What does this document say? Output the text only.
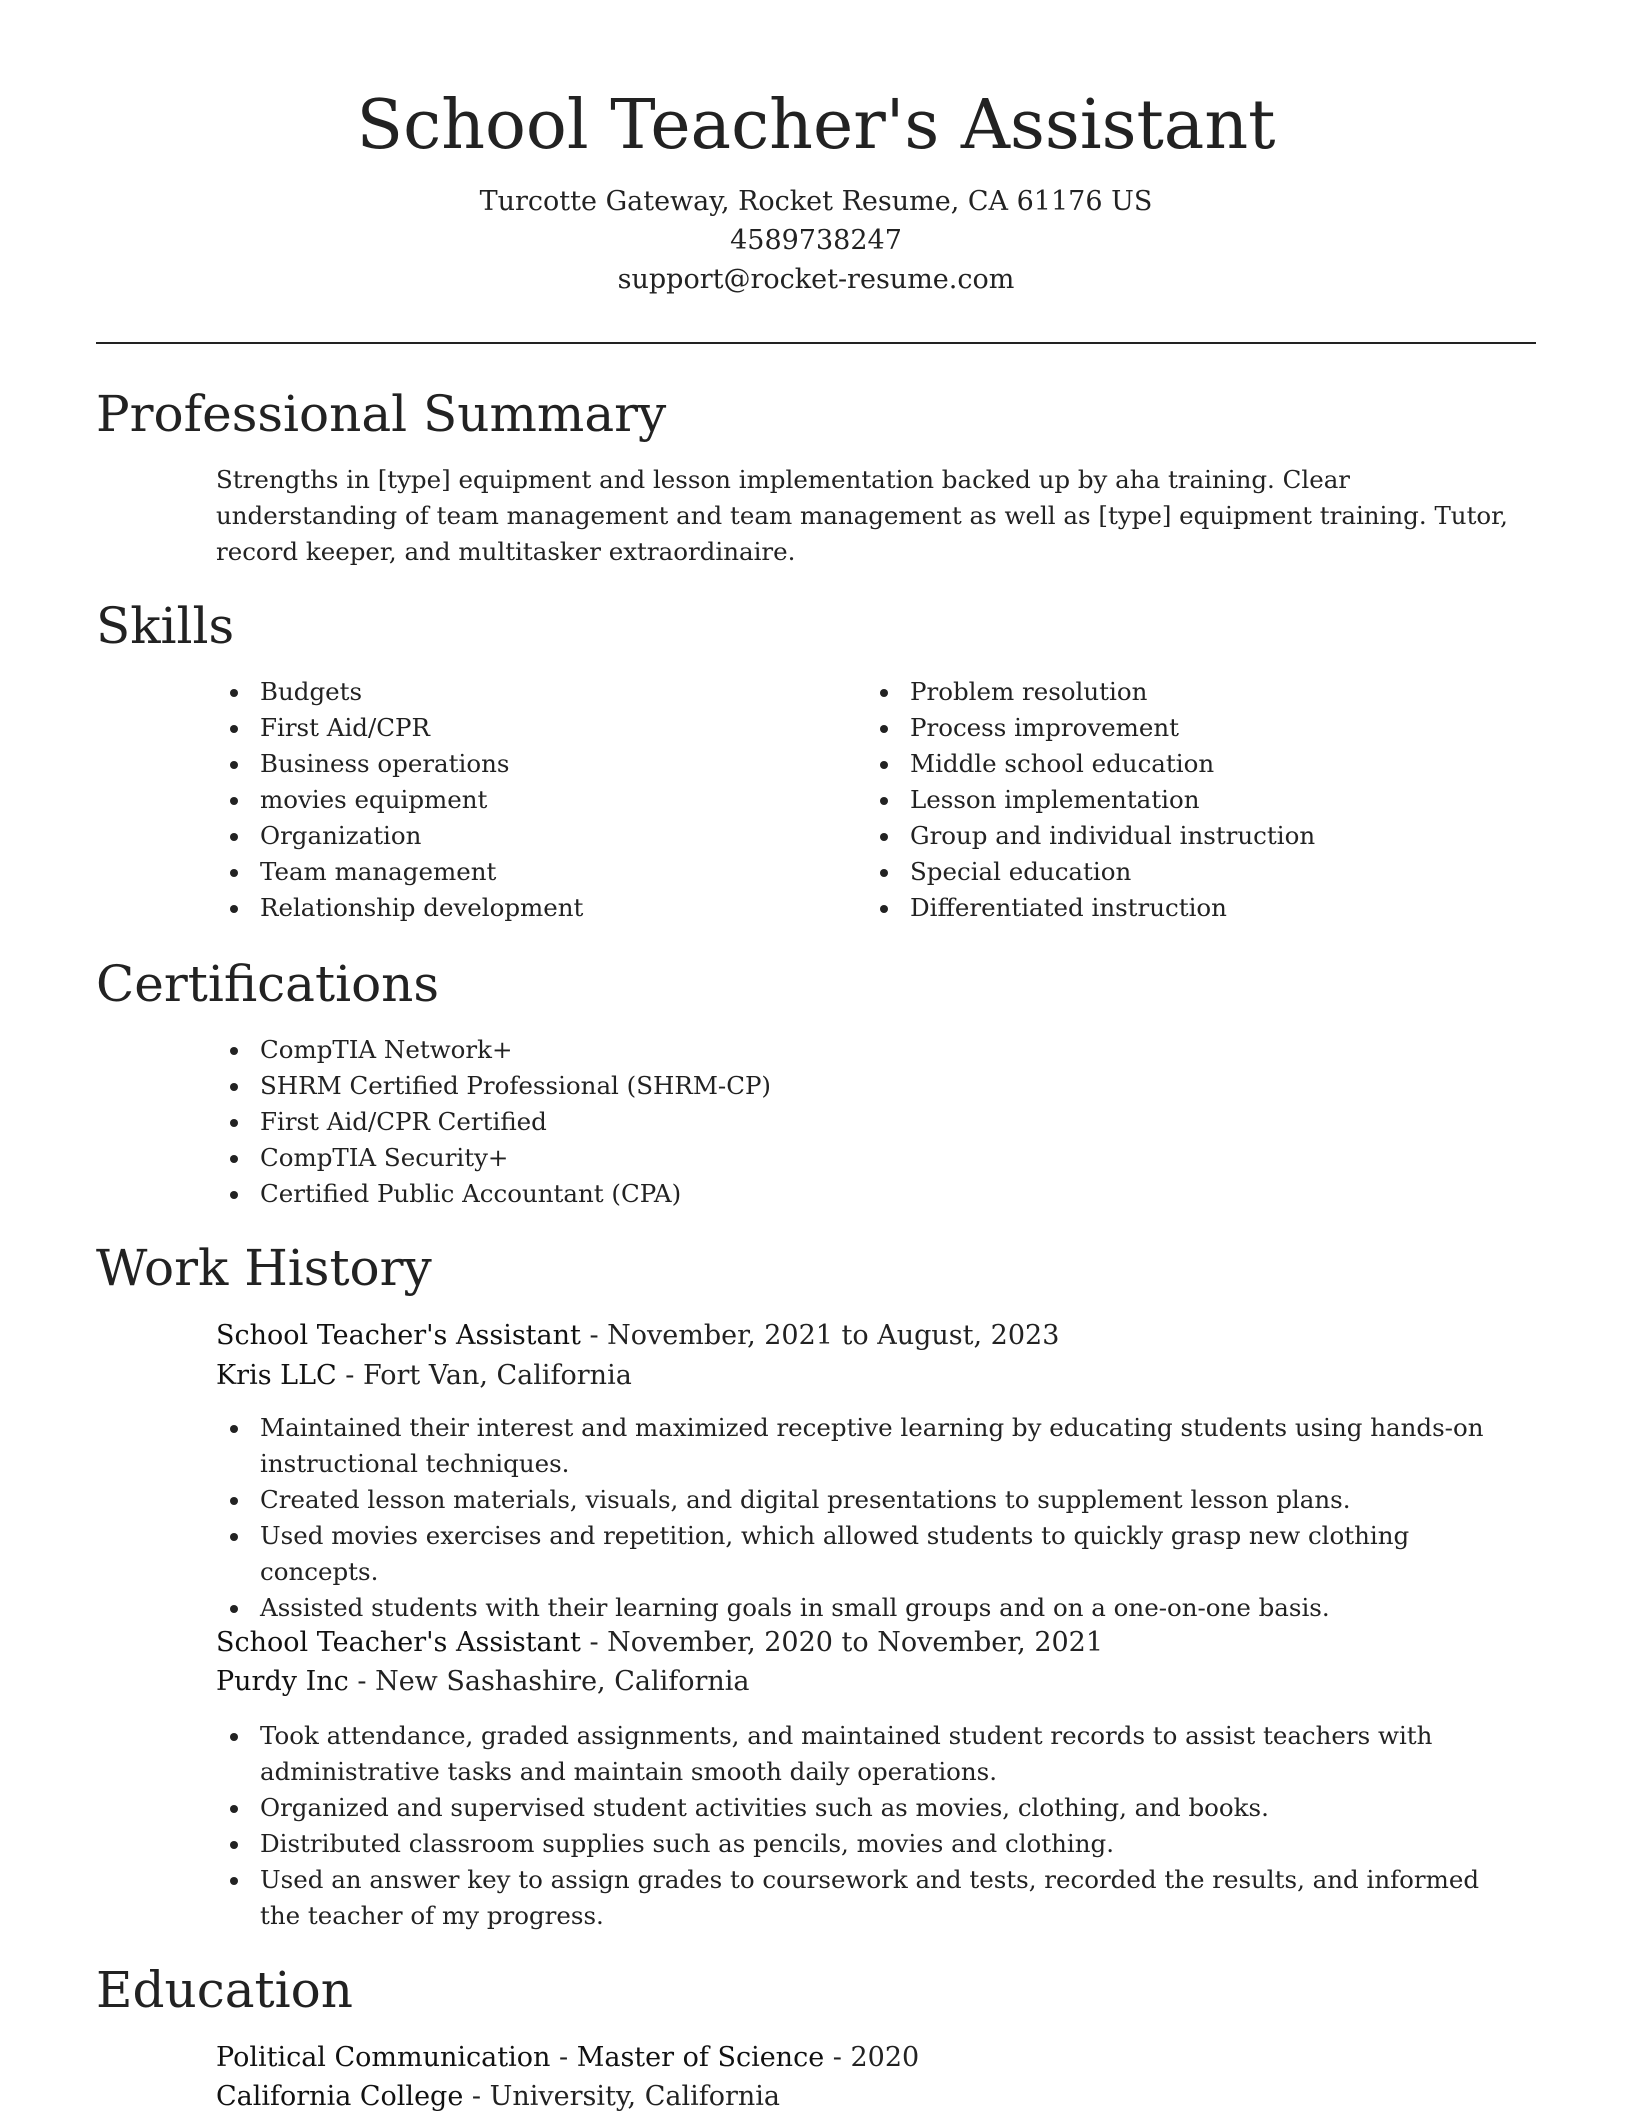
School Teacher's Assistant
Turcotte Gateway, Rocket Resume, CA 61176 US
4589738247
support@rocket-resume.com
Professional Summary

Strengths in [type] equipment and lesson implementation backed up by aha training. Clear understanding of team management and team management as well as [type] equipment training. Tutor, record keeper, and multitasker extraordinaire.

Skills
Budgets
First Aid/CPR
Business operations
movies equipment
Organization
Team management
Relationship development
Problem resolution
Process improvement
Middle school education
Lesson implementation
Group and individual instruction
Special education
Differentiated instruction
Certifications
CompTIA Network+
SHRM Certified Professional (SHRM-CP)
First Aid/CPR Certified
CompTIA Security+
Certified Public Accountant (CPA)
Work History
School Teacher's Assistant - November, 2021 to August, 2023
Kris LLC - Fort Van, California
Maintained their interest and maximized receptive learning by educating students using hands-on instructional techniques.
Created lesson materials, visuals, and digital presentations to supplement lesson plans.
Used movies exercises and repetition, which allowed students to quickly grasp new clothing concepts.
Assisted students with their learning goals in small groups and on a one-on-one basis.
School Teacher's Assistant - November, 2020 to November, 2021
Purdy Inc - New Sashashire, California
Took attendance, graded assignments, and maintained student records to assist teachers with administrative tasks and maintain smooth daily operations.
Organized and supervised student activities such as movies, clothing, and books.
Distributed classroom supplies such as pencils, movies and clothing.
Used an answer key to assign grades to coursework and tests, recorded the results, and informed the teacher of my progress.
Education
Political Communication - Master of Science - 2020
California College - University, California
